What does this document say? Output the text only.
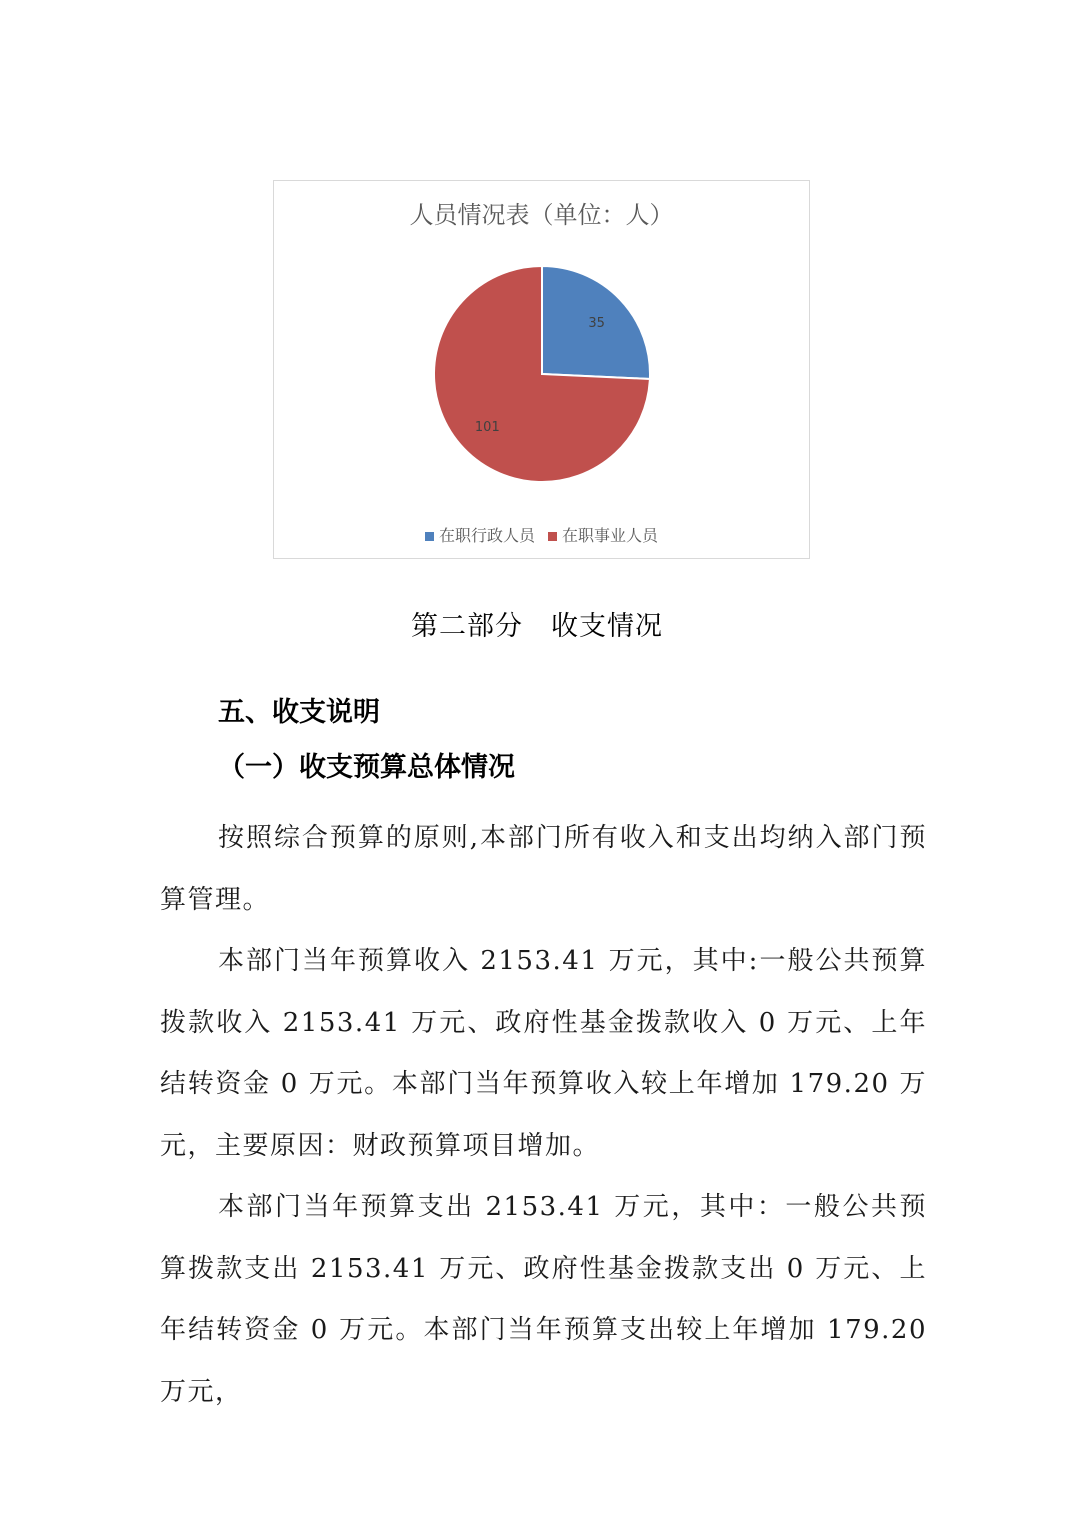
人员情况表（单位：人）
35
101
在职行政人员 在职事业人员
第二部分　收支情况
五、收支说明
（一）收支预算总体情况

按照综合预算的原则,本部门所有收入和支出均纳入部门预算管理。

本部门当年预算收入 2153.41 万元，其中:一般公共预算拨款收入 2153.41 万元、政府性基金拨款收入 0 万元、上年结转资金 0 万元。本部门当年预算收入较上年增加 179.20 万元，主要原因：财政预算项目增加。

本部门当年预算支出 2153.41 万元，其中：一般公共预算拨款支出 2153.41 万元、政府性基金拨款支出 0 万元、上年结转资金 0 万元。本部门当年预算支出较上年增加 179.20 万元，
